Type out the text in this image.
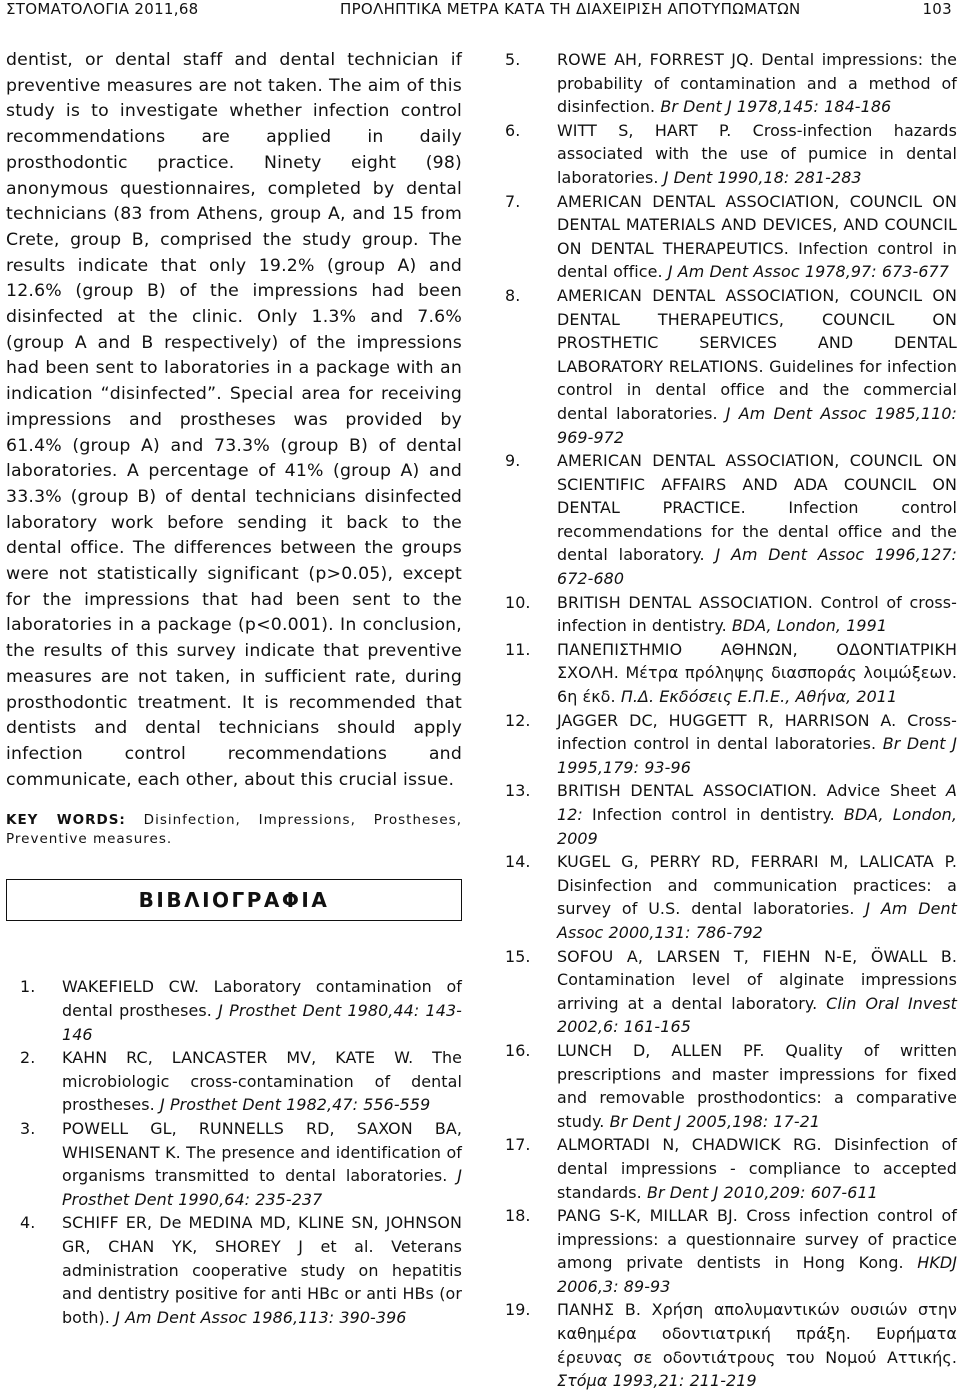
ΣΤΟΜΑΤΟΛΟΓΙΑ 2011,68	ΠΡΟΛΗΠΤΙΚΑ ΜΕΤΡΑ ΚΑΤΑ ΤΗ ΔΙΑΧΕΙΡΙΣΗ ΑΠΟΤΥΠΩΜΑΤΩΝ	103

dentist, or dental staff and dental technician if preventive measures are not taken. The aim of this study is to investigate whether infection control recommendations are applied in daily prosthodontic practice. Ninety eight (98) anonymous questionnaires, completed by dental technicians (83 from Athens, group A, and 15 from Crete, group B, comprised the study group. The results indicate that only 19.2% (group A) and 12.6% (group B) of the impressions had been disinfected at the clinic. Only 1.3% and 7.6% (group A and B respectively) of the impressions had been sent to laboratories in a package with an indication “disinfected”. Special area for receiving impressions and prostheses was provided by 61.4% (group A) and 73.3% (group B) of dental laboratories. A percentage of 41% (group A) and 33.3% (group B) of dental technicians disinfected laboratory work before sending it back to the dental office. The differences between the groups were not statistically significant (p>0.05), except for the impressions that had been sent to the laboratories in a package (p<0.001). In conclusion, the results of this survey indicate that preventive measures are not taken, in sufficient rate, during prosthodontic treatment. It is recommended that dentists and dental technicians should apply infection control recommendations and communicate, each other, about this crucial issue.

KEY WORDS: Disinfection, Impressions, Prostheses, Preventive measures.

ΒΙΒΛΙΟΓΡΑΦΙΑ
1.	WAKEFIELD CW. Laboratory contamination of dental prostheses. J Prosthet Dent 1980,44: 143-146
2.	KAHN RC, LANCASTER MV, KATE W. The microbiologic cross-contamination of dental prostheses. J Prosthet Dent 1982,47: 556-559
3.	POWELL GL, RUNNELLS RD, SAXON BA, WHISENANT K. The presence and identification of organisms transmitted to dental laboratories. J Prosthet Dent 1990,64: 235-237
4.	SCHIFF ER, De MEDINA MD, KLINE SN, JOHNSON GR, CHAN YK, SHOREY J et al. Veterans administration cooperative study on hepatitis and dentistry positive for anti HBc or anti HBs (or both). J Am Dent Assoc 1986,113: 390-396
5.	ROWE AH, FORREST JQ. Dental impressions: the probability of contamination and a method of disinfection. Br Dent J 1978,145: 184-186
6.	WITT S, HART P. Cross-infection hazards associated with the use of pumice in dental laboratories. J Dent 1990,18: 281-283
7.	AMERICAN DENTAL ASSOCIATION, COUNCIL ON DENTAL MATERIALS AND DEVICES, AND COUNCIL ON DENTAL THERAPEUTICS. Infection control in dental office. J Am Dent Assoc 1978,97: 673-677
8.	AMERICAN DENTAL ASSOCIATION, COUNCIL ON DENTAL THERAPEUTICS, COUNCIL ON PROSTHETIC SERVICES AND DENTAL LABORATORY RELATIONS. Guidelines for infection control in dental office and the commercial dental laboratories. J Am Dent Assoc 1985,110: 969-972
9.	AMERICAN DENTAL ASSOCIATION, COUNCIL ON SCIENTIFIC AFFAIRS AND ADA COUNCIL ON DENTAL PRACTICE. Infection control recommendations for the dental office and the dental laboratory. J Am Dent Assoc 1996,127: 672-680
10.	BRITISH DENTAL ASSOCIATION. Control of cross-infection in dentistry. BDA, London, 1991
11.	ΠΑΝΕΠΙΣΤΗΜΙΟ ΑΘΗΝΩΝ, ΟΔΟΝΤΙΑΤΡΙΚΗ ΣΧΟΛΗ. Μέτρα πρόληψης διασποράς λοιμώξεων. 6η έκδ. Π.Δ. Εκδόσεις Ε.Π.Ε., Αθήνα, 2011
12.	JAGGER DC, HUGGETT R, HARRISON A. Cross-infection control in dental laboratories. Br Dent J 1995,179: 93-96
13.	BRITISH DENTAL ASSOCIATION. Advice Sheet A 12: Infection control in dentistry. BDA, London, 2009
14.	KUGEL G, PERRY RD, FERRARI M, LALICATA P. Disinfection and communication practices: a survey of U.S. dental laboratories. J Am Dent Assoc 2000,131: 786-792
15.	SOFOU A, LARSEN T, FIEHN N-E, ÖWALL B. Contamination level of alginate impressions arriving at a dental laboratory. Clin Oral Invest 2002,6: 161-165
16.	LUNCH D, ALLEN PF. Quality of written prescriptions and master impressions for fixed and removable prosthodontics: a comparative study. Br Dent J 2005,198: 17-21
17.	ALMORTADI N, CHADWICK RG. Disinfection of dental impressions - compliance to accepted standards. Br Dent J 2010,209: 607-611
18.	PANG S-K, MILLAR BJ. Cross infection control of impressions: a questionnaire survey of practice among private dentists in Hong Kong. HKDJ 2006,3: 89-93
19.	ΠΑΝΗΣ Β. Χρήση απολυμαντικών ουσιών στην καθημέρα οδοντιατρική πράξη. Ευρήματα έρευνας σε οδοντιάτρους του Νομού Αττικής. Στόμα 1993,21: 211-219
